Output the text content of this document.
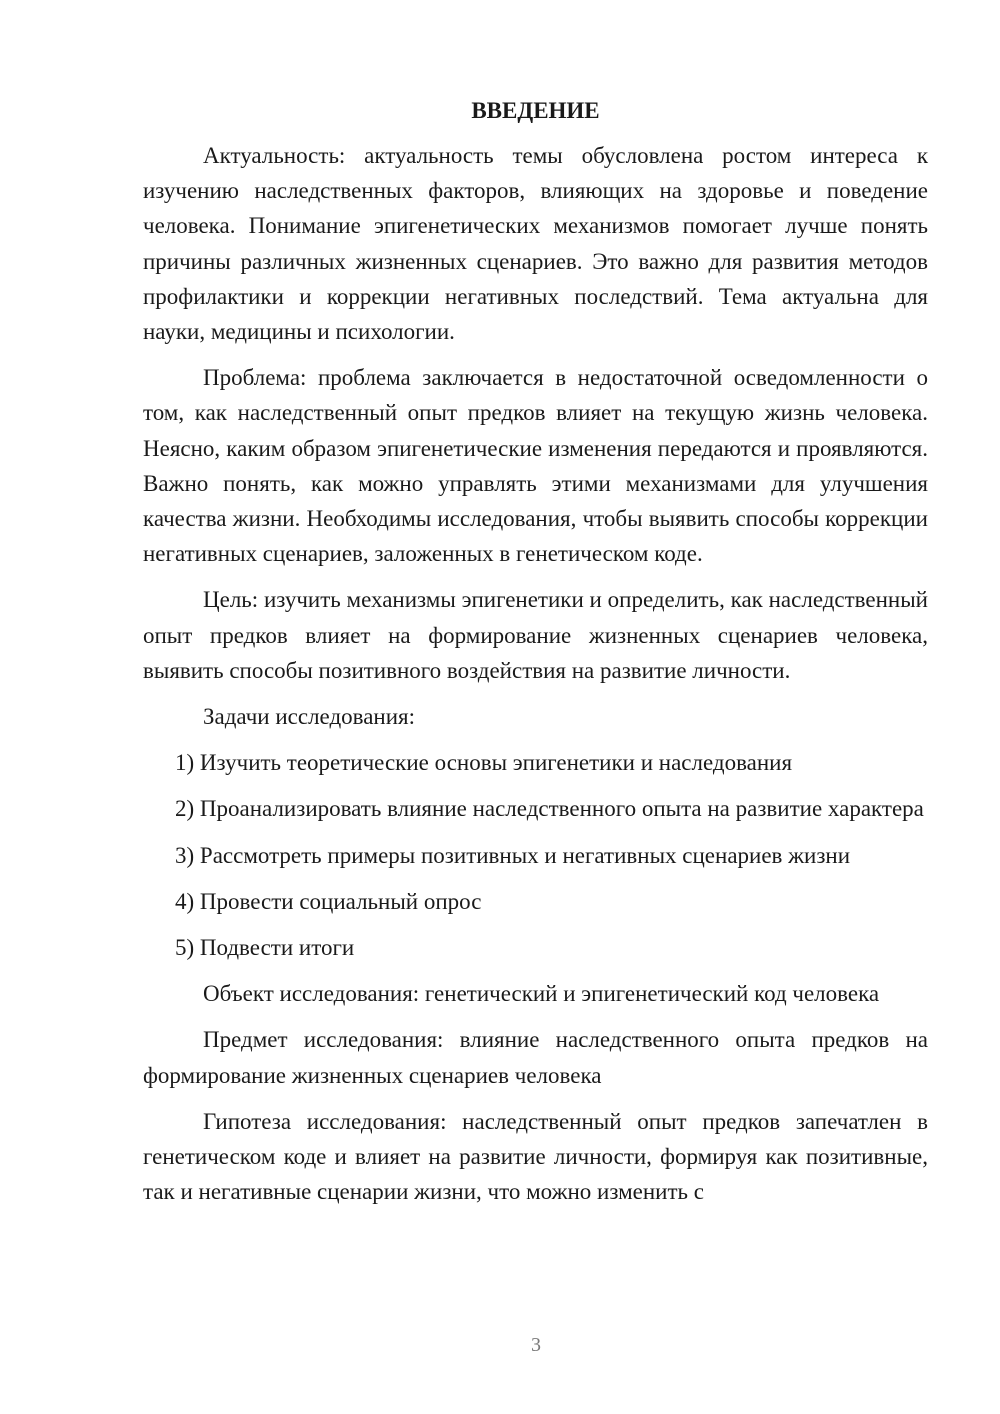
ВВЕДЕНИЕ

Актуальность: актуальность темы обусловлена ростом интереса к изучению наследственных факторов, влияющих на здоровье и поведение человека. Понимание эпигенетических механизмов помогает лучше понять причины различных жизненных сценариев. Это важно для развития методов профилактики и коррекции негативных последствий. Тема актуальна для науки, медицины и психологии.

Проблема: проблема заключается в недостаточной осведомленности о том, как наследственный опыт предков влияет на текущую жизнь человека. Неясно, каким образом эпигенетические изменения передаются и проявляются. Важно понять, как можно управлять этими механизмами для улучшения качества жизни. Необходимы исследования, чтобы выявить способы коррекции негативных сценариев, заложенных в генетическом коде.

Цель: изучить механизмы эпигенетики и определить, как наследственный опыт предков влияет на формирование жизненных сценариев человека, выявить способы позитивного воздействия на развитие личности.

Задачи исследования:

1) Изучить теоретические основы эпигенетики и наследования

2) Проанализировать влияние наследственного опыта на развитие характера

3) Рассмотреть примеры позитивных и негативных сценариев жизни

4) Провести социальный опрос

5) Подвести итоги

Объект исследования: генетический и эпигенетический код человека

Предмет исследования: влияние наследственного опыта предков на формирование жизненных сценариев человека

Гипотеза исследования: наследственный опыт предков запечатлен в генетическом коде и влияет на развитие личности, формируя как позитивные, так и негативные сценарии жизни, что можно изменить с

3
